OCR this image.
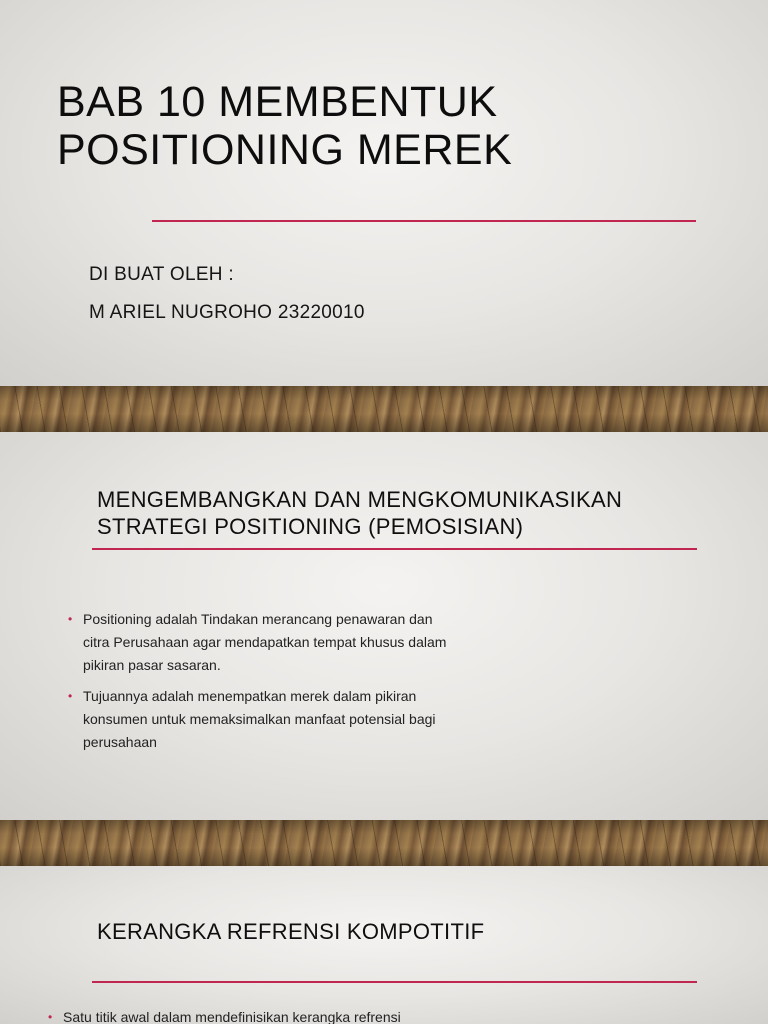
BAB 10 MEMBENTUK
POSITIONING MEREK

DI BUAT OLEH :

M ARIEL NUGROHO 23220010

MENGEMBANGKAN DAN MENGKOMUNIKASIKAN
STRATEGI POSITIONING (PEMOSISIAN)
• Positioning adalah Tindakan merancang penawaran dan
citra Perusahaan agar mendapatkan tempat khusus dalam
pikiran pasar sasaran.
• Tujuannya adalah menempatkan merek dalam pikiran
konsumen untuk memaksimalkan manfaat potensial bagi
perusahaan
KERANGKA REFRENSI KOMPOTITIF
• Satu titik awal dalam mendefinisikan kerangka refrensi
